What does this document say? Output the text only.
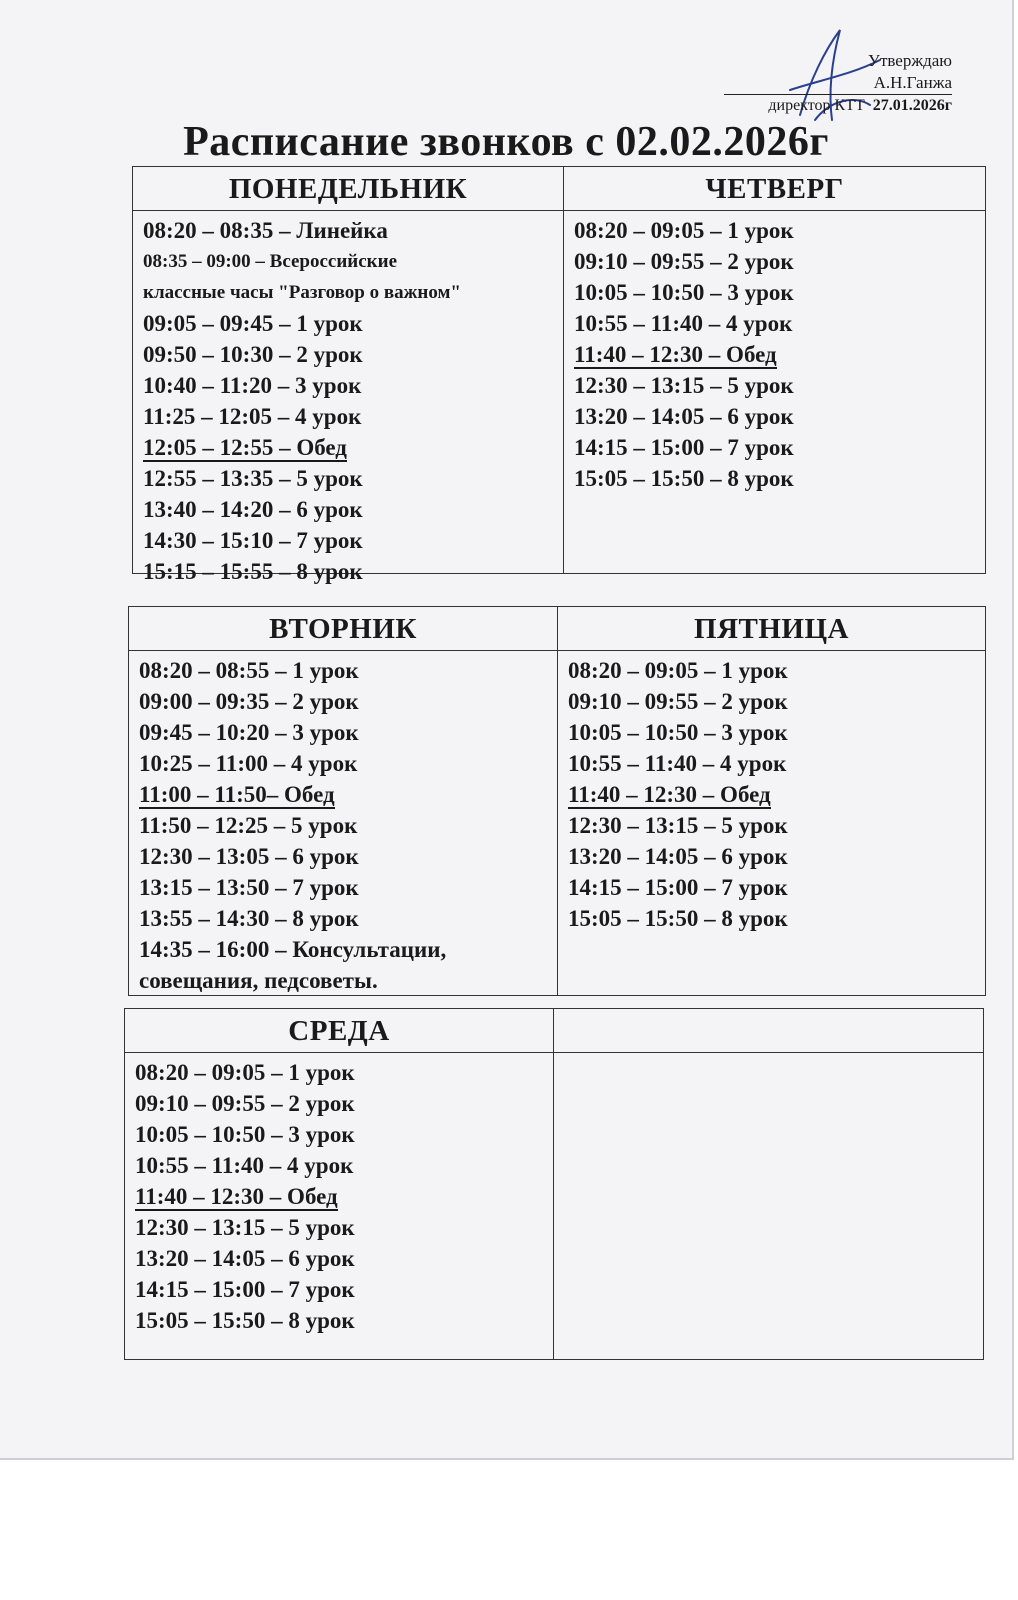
Утверждаю
А.Н.Ганжа
директор КТТ 27.01.2026г
Расписание звонков с 02.02.2026г
ПОНЕДЕЛЬНИК
08:20 – 08:35 – Линейка
08:35 – 09:00 – Всероссийские
классные часы "Разговор о важном"
09:05 – 09:45 – 1 урок
09:50 – 10:30 – 2 урок
10:40 – 11:20 – 3 урок
11:25 – 12:05 – 4 урок
12:05 – 12:55 – Обед
12:55 – 13:35 – 5 урок
13:40 – 14:20 – 6 урок
14:30 – 15:10 – 7 урок
15:15 – 15:55 – 8 урок
ЧЕТВЕРГ
08:20 – 09:05 – 1 урок
09:10 – 09:55 – 2 урок
10:05 – 10:50 – 3 урок
10:55 – 11:40 – 4 урок
11:40 – 12:30 – Обед
12:30 – 13:15 – 5 урок
13:20 – 14:05 – 6 урок
14:15 – 15:00 – 7 урок
15:05 – 15:50 – 8 урок
ВТОРНИК
08:20 – 08:55 – 1 урок
09:00 – 09:35 – 2 урок
09:45 – 10:20 – 3 урок
10:25 – 11:00 – 4 урок
11:00 – 11:50– Обед
11:50 – 12:25 – 5 урок
12:30 – 13:05 – 6 урок
13:15 – 13:50 – 7 урок
13:55 – 14:30 – 8 урок
14:35 – 16:00 – Консультации,
совещания, педсоветы.
ПЯТНИЦА
08:20 – 09:05 – 1 урок
09:10 – 09:55 – 2 урок
10:05 – 10:50 – 3 урок
10:55 – 11:40 – 4 урок
11:40 – 12:30 – Обед
12:30 – 13:15 – 5 урок
13:20 – 14:05 – 6 урок
14:15 – 15:00 – 7 урок
15:05 – 15:50 – 8 урок
СРЕДА
08:20 – 09:05 – 1 урок
09:10 – 09:55 – 2 урок
10:05 – 10:50 – 3 урок
10:55 – 11:40 – 4 урок
11:40 – 12:30 – Обед
12:30 – 13:15 – 5 урок
13:20 – 14:05 – 6 урок
14:15 – 15:00 – 7 урок
15:05 – 15:50 – 8 урок
